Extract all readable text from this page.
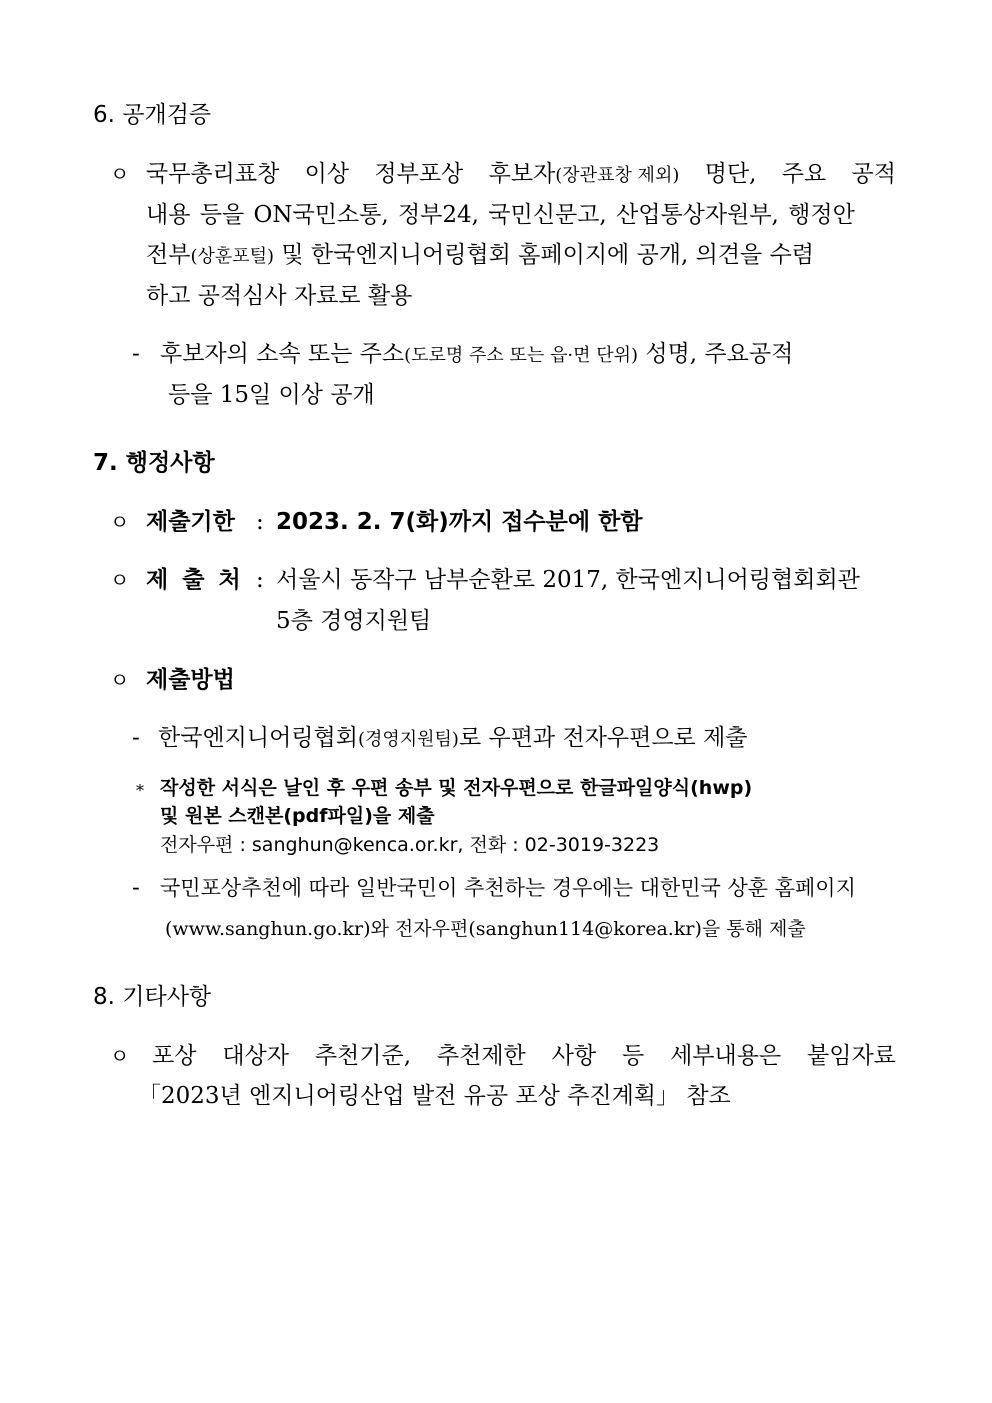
6. 공개검증
ㅇ 국무총리표창 이상 정부포상 후보자(장관표창 제외) 명단, 주요 공적
내용 등을 ON국민소통, 정부24, 국민신문고, 산업통상자원부, 행정안
전부(상훈포털) 및 한국엔지니어링협회 홈페이지에 공개, 의견을 수렴
하고 공적심사 자료로 활용
- 후보자의 소속 또는 주소(도로명 주소 또는 읍·면 단위) 성명, 주요공적
등을 15일 이상 공개
7. 행정사항
ㅇ 제출기한 : 2023. 2. 7(화)까지 접수분에 한함
ㅇ 제 출 처 : 서울시 동작구 남부순환로 2017, 한국엔지니어링협회회관
5층 경영지원팀
ㅇ 제출방법
- 한국엔지니어링협회(경영지원팀)로 우편과 전자우편으로 제출
* 작성한 서식은 날인 후 우편 송부 및 전자우편으로 한글파일양식(hwp)
및 원본 스캔본(pdf파일)을 제출
전자우편 : sanghun@kenca.or.kr, 전화 : 02-3019-3223
- 국민포상추천에 따라 일반국민이 추천하는 경우에는 대한민국 상훈 홈페이지
(www.sanghun.go.kr)와 전자우편(sanghun114@korea.kr)을 통해 제출
8. 기타사항
ㅇ 포상 대상자 추천기준, 추천제한 사항 등 세부내용은 붙임자료
「2023년 엔지니어링산업 발전 유공 포상 추진계획」 참조
